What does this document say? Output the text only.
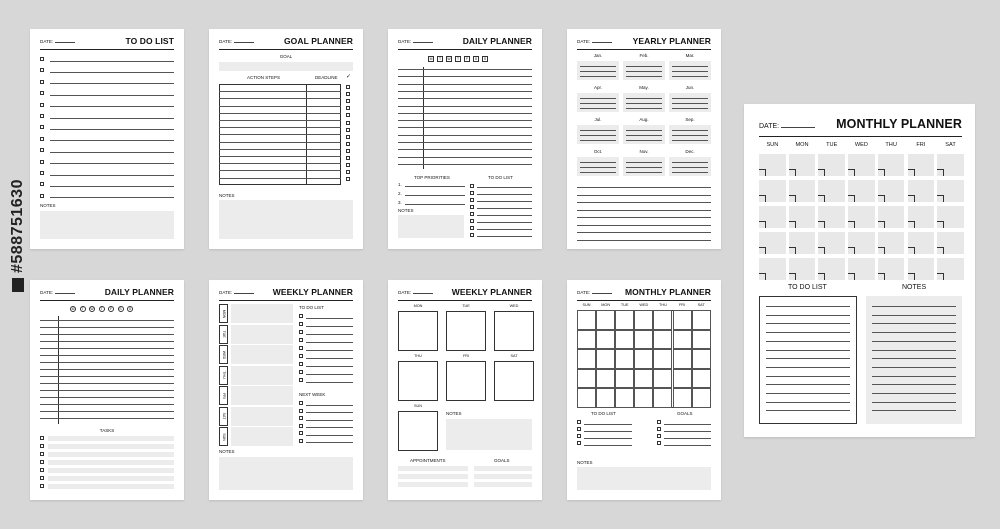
DATE:	TO DO LIST
NOTES
DATE:	GOAL PLANNER
GOAL
ACTION STEPS	DEADLINE ✓
NOTES
DATE:	DAILY PLANNER
M	T	W	T	F	S	S
TOP PRIORITIES	TO DO LIST
1.
2.
3.
NOTES
DATE:	YEARLY PLANNER
Jan.	Feb.	Mar.
Apr.	May.	Jun.
Jul.	Aug.	Sep.
Oct.	Nov.	Dec.
DATE:	DAILY PLANNER
M	T	W	T	F	S	S
TASKS
DATE:	WEEKLY PLANNER
MON
TUE
WED
THU
FRI
SAT
SUN
TO DO LIST
NEXT WEEK
NOTES
DATE:	WEEKLY PLANNER
MON	TUE	WED
THU	FRI	SAT
SUN
NOTES
APPOINTMENTS	GOALS
DATE:	MONTHLY PLANNER
SUN	MON	TUE	WED	THU	FRI	SAT
TO DO LIST	GOALS
NOTES
DATE:	MONTHLY PLANNER
SUN	MON	TUE	WED	THU	FRI	SAT
TO DO LIST	NOTES
#588751630
